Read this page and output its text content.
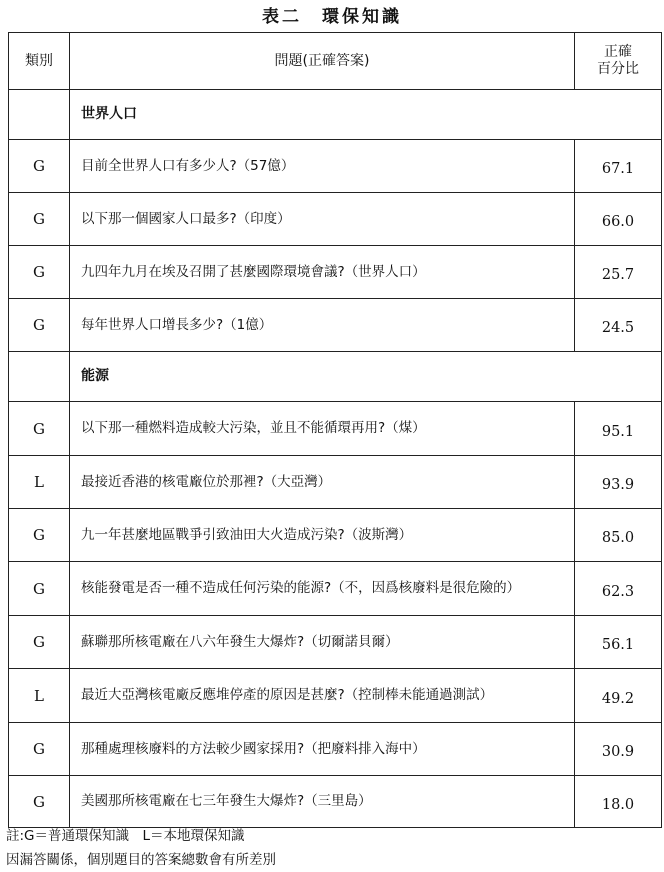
表二　環保知識
類別	問題(正確答案)	正確
百分比

	世界人口	
G	目前全世界人口有多少人?（57億）	67.1
G	以下那一個國家人口最多?（印度）	66.0
G	九四年九月在埃及召開了甚麼國際環境會議?（世界人口）	25.7
G	每年世界人口增長多少?（1億）	24.5
	能源	
G	以下那一種燃料造成較大污染，並且不能循環再用?（煤）	95.1
L	最接近香港的核電廠位於那裡?（大亞灣）	93.9
G	九一年甚麼地區戰爭引致油田大火造成污染?（波斯灣）	85.0
G	核能發電是否一種不造成任何污染的能源?（不，因爲核廢料是很危險的）	62.3
G	蘇聯那所核電廠在八六年發生大爆炸?（切爾諾貝爾）	56.1
L	最近大亞灣核電廠反應堆停產的原因是甚麼?（控制棒未能通過測試）	49.2
G	那種處理核廢料的方法較少國家採用?（把廢料排入海中）	30.9
G	美國那所核電廠在七三年發生大爆炸?（三里島）	18.0
註:G＝普通環保知識　L＝本地環保知識
因漏答關係，個別題目的答案總數會有所差別
